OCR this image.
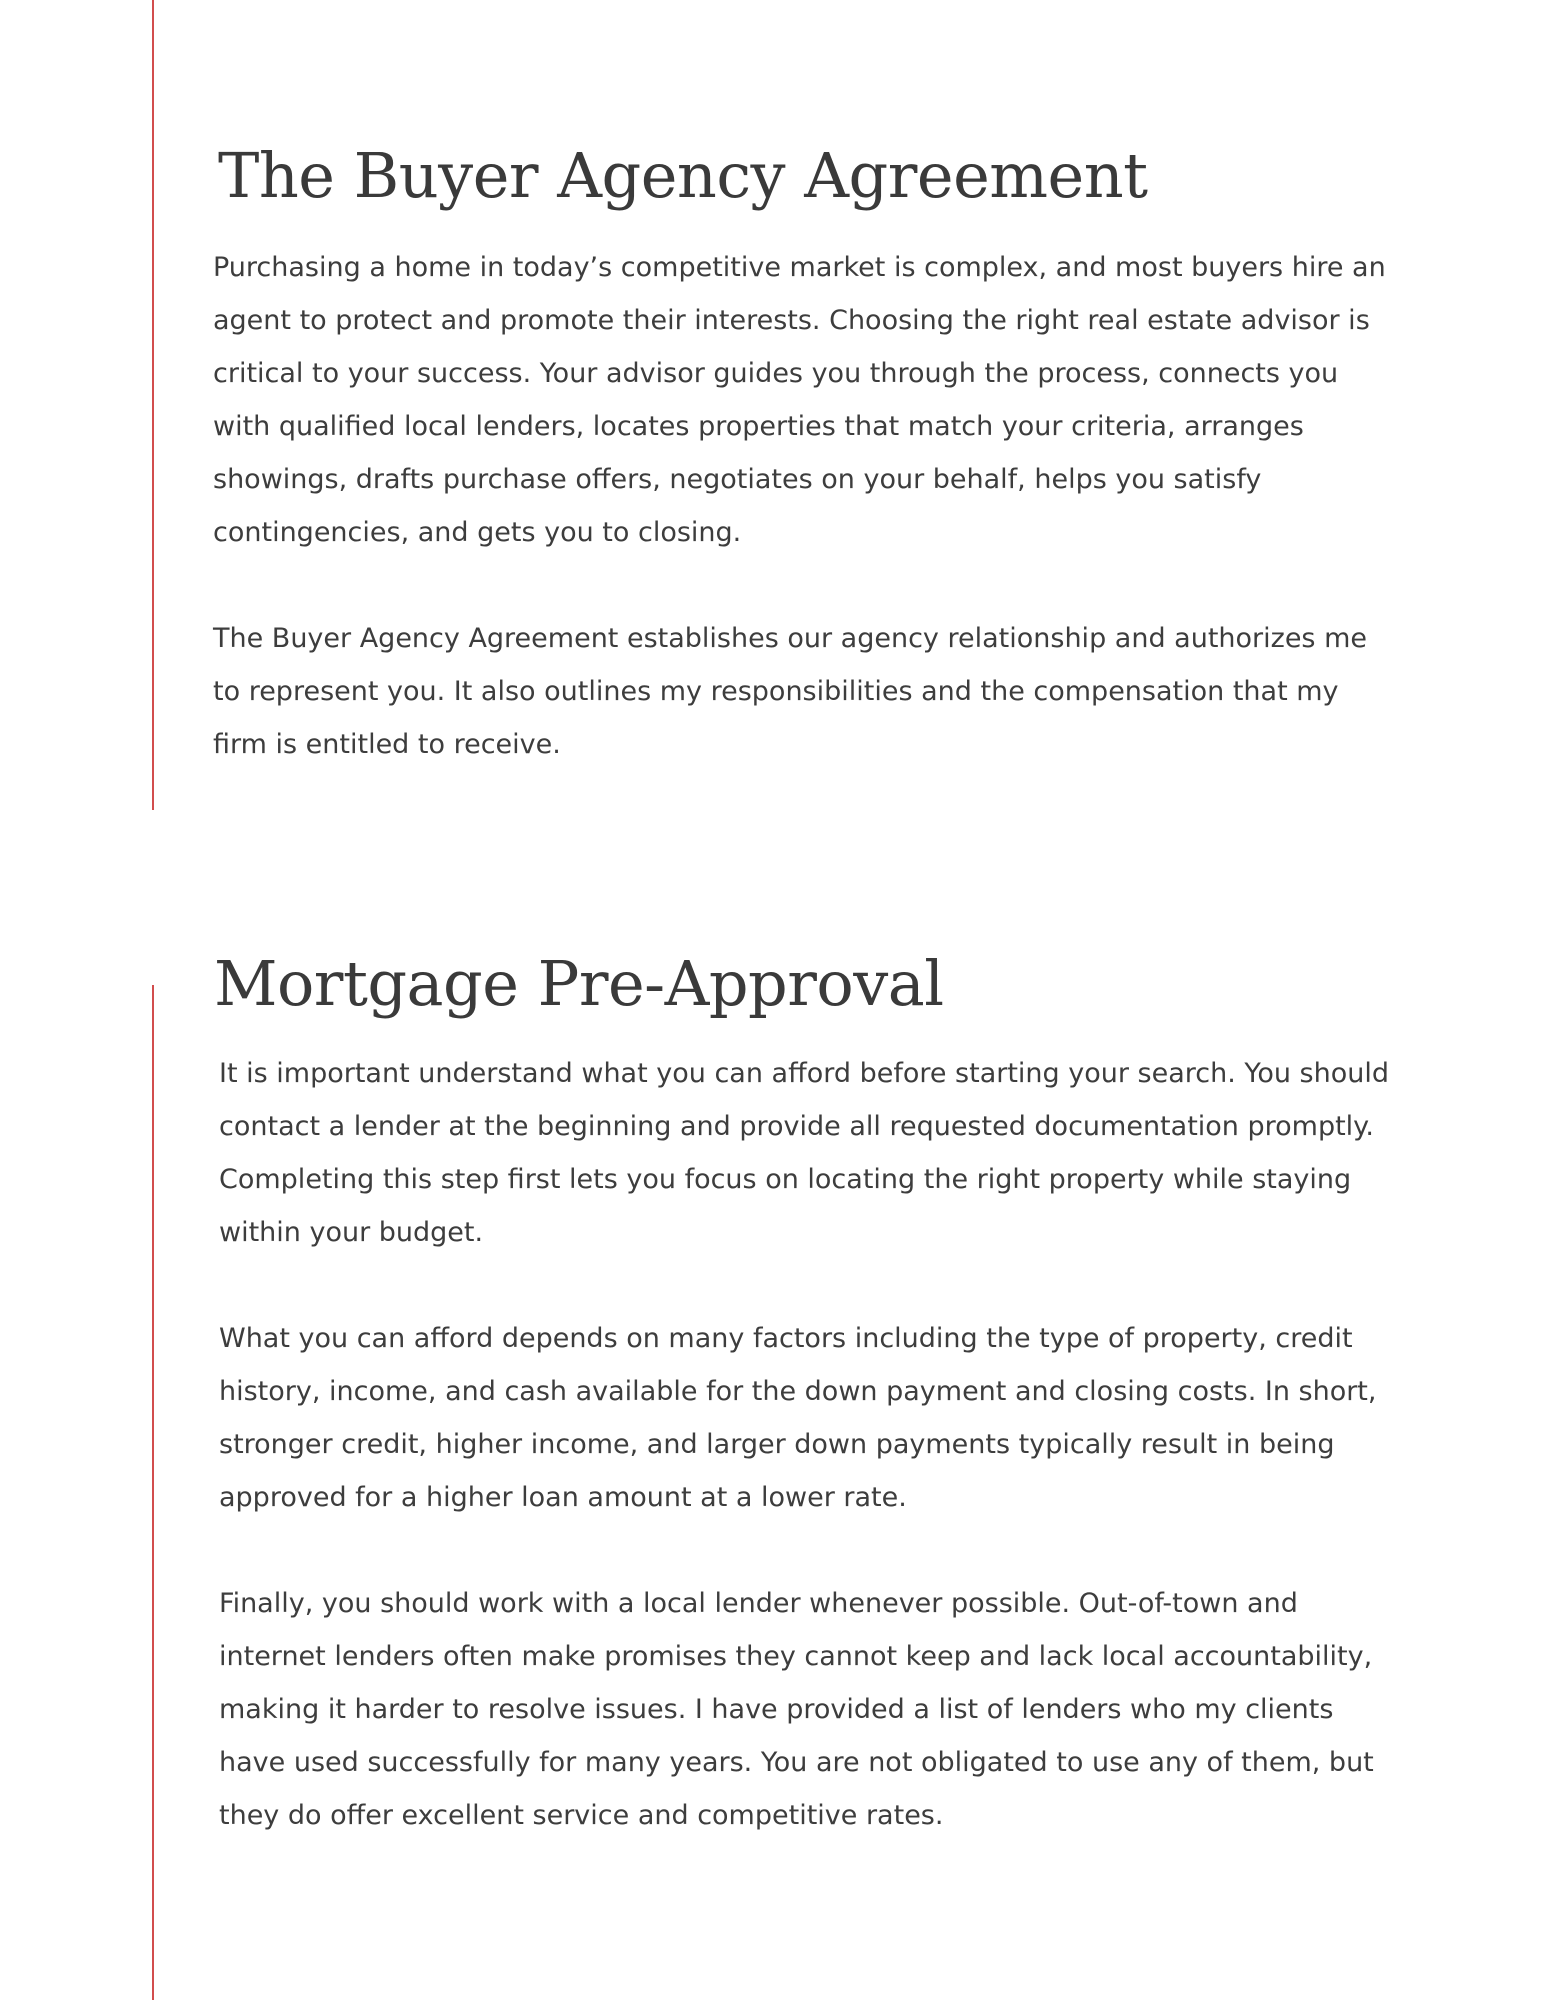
The Buyer Agency Agreement

Purchasing a home in today’s competitive market is complex, and most buyers hire an agent to protect and promote their interests. Choosing the right real estate advisor is critical to your success. Your advisor guides you through the process, connects you with qualified local lenders, locates properties that match your criteria, arranges showings, drafts purchase offers, negotiates on your behalf, helps you satisfy contingencies, and gets you to closing.

The Buyer Agency Agreement establishes our agency relationship and authorizes me to represent you. It also outlines my responsibilities and the compensation that my firm is entitled to receive.

Mortgage Pre-Approval

It is important understand what you can afford before starting your search. You should contact a lender at the beginning and provide all requested documentation promptly. Completing this step first lets you focus on locating the right property while staying within your budget.

What you can afford depends on many factors including the type of property, credit history, income, and cash available for the down payment and closing costs. In short, stronger credit, higher income, and larger down payments typically result in being approved for a higher loan amount at a lower rate.

Finally, you should work with a local lender whenever possible. Out-of-town and internet lenders often make promises they cannot keep and lack local accountability, making it harder to resolve issues. I have provided a list of lenders who my clients have used successfully for many years. You are not obligated to use any of them, but they do offer excellent service and competitive rates.
